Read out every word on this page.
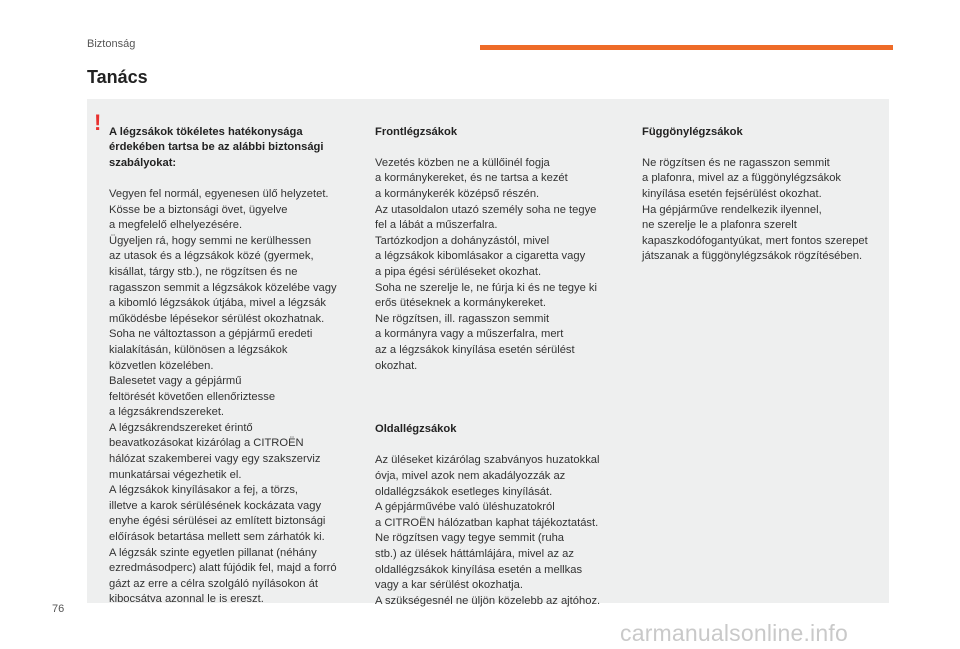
Biztonság
Tanács
! A légzsákok tökéletes hatékonysága érdekében tartsa be az alábbi biztonsági szabályokat:

Vegyen fel normál, egyenesen ülő helyzetet.
Kösse be a biztonsági övet, ügyelve
a megfelelő elhelyezésére.
Ügyeljen rá, hogy semmi ne kerülhessen
az utasok és a légzsákok közé (gyermek,
kisállat, tárgy stb.), ne rögzítsen és ne
ragasszon semmit a légzsákok közelébe vagy
a kibomló légzsákok útjába, mivel a légzsák
működésbe lépésekor sérülést okozhatnak.
Soha ne változtasson a gépjármű eredeti
kialakításán, különösen a légzsákok
közvetlen közelében.
Balesetet vagy a gépjármű
feltörését követően ellenőriztesse
a légzsákrendszereket.
A légzsákrendszereket érintő
beavatkozásokat kizárólag a CITROËN
hálózat szakemberei vagy egy szakszerviz
munkatársai végezhetik el.
A légzsákok kinyílásakor a fej, a törzs,
illetve a karok sérülésének kockázata vagy
enyhe égési sérülései az említett biztonsági
előírások betartása mellett sem zárhatók ki.
A légzsák szinte egyetlen pillanat (néhány
ezredmásodperc) alatt fújódik fel, majd a forró
gázt az erre a célra szolgáló nyílásokon át
kibocsátva azonnal le is ereszt.

Frontlégzsákok

Vezetés közben ne a küllőinél fogja
a kormánykereket, és ne tartsa a kezét
a kormánykerék középső részén.
Az utasoldalon utazó személy soha ne tegye
fel a lábát a műszerfalra.
Tartózkodjon a dohányzástól, mivel
a légzsákok kibomlásakor a cigaretta vagy
a pipa égési sérüléseket okozhat.
Soha ne szerelje le, ne fúrja ki és ne tegye ki
erős ütéseknek a kormánykereket.
Ne rögzítsen, ill. ragasszon semmit
a kormányra vagy a műszerfalra, mert
az a légzsákok kinyílása esetén sérülést
okozhat.

Oldallégzsákok

Az üléseket kizárólag szabványos huzatokkal
óvja, mivel azok nem akadályozzák az
oldallégzsákok esetleges kinyílását.
A gépjárművébe való üléshuzatokról
a CITROËN hálózatban kaphat tájékoztatást.
Ne rögzítsen vagy tegye semmit (ruha
stb.) az ülések háttámlájára, mivel az az
oldallégzsákok kinyílása esetén a mellkas
vagy a kar sérülést okozhatja.
A szükségesnél ne üljön közelebb az ajtóhoz.

Függönylégzsákok

Ne rögzítsen és ne ragasszon semmit
a plafonra, mivel az a függönylégzsákok
kinyílása esetén fejsérülést okozhat.
Ha gépjárműve rendelkezik ilyennel,
ne szerelje le a plafonra szerelt
kapaszkodófogantyúkat, mert fontos szerepet
játszanak a függönylégzsákok rögzítésében.

76
carmanualsonline.info
